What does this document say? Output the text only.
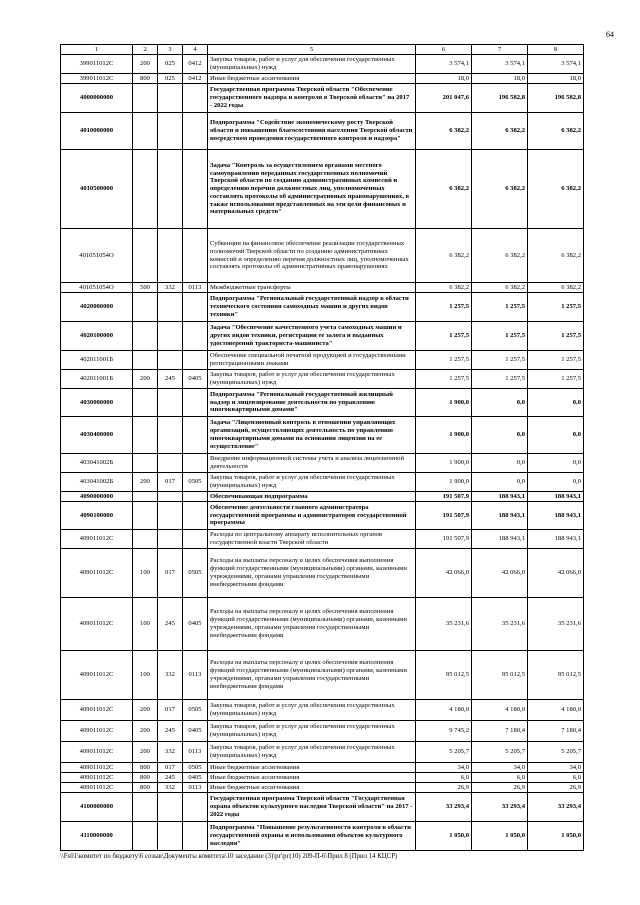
64
1	2	3	4	5	6	7	8
399011012С	200	025	0412	Закупка товаров, работ и услуг для обеспечения государственных (муниципальных) нужд	3 574,1	3 574,1	3 574,1
399011012С	800	025	0412	Иные бюджетные ассигнования	18,0	18,0	18,0
4000000000				Государственная программа Тверской области "Обеспечение государственного надзора и контроля в Тверской области" на 2017 - 2022 годы	201 047,6	196 582,8	196 582,8
4010000000				Подпрограмма "Содействие экономическому росту Тверской области и повышению благосостояния населения Тверской области посредством проведения государственного контроля и надзора"	6 382,2	6 382,2	6 382,2
4010500000				Задача "Контроль за осуществлением органами местного самоуправления переданных государственных полномочий Тверской области по созданию административных комиссий и определению перечня должностных лиц, уполномоченных составлять протоколы об административных правонарушениях, в также использования представленных на эти цели финансовых и материальных средств"	6 382,2	6 382,2	6 382,2
401051054О				Субвенции на финансовое обеспечение реализации государственных полномочий Тверской области по созданию административных комиссий и определению перечня должностных лиц, уполномоченных составлять протоколы об административных правонарушениях	6 382,2	6 382,2	6 382,2
401051054О	500	332	0113	Межбюджетные трансферты	6 382,2	6 382,2	6 382,2
4020000000				Подпрограмма "Региональный государственный надзор в области технического состояния самоходных машин и других видов техники"	1 257,5	1 257,5	1 257,5
4020100000				Задача "Обеспечение качественного учета самоходных машин и других видов техники, регистрации ее залога и выданных удостоверений тракториста-машиниста"	1 257,5	1 257,5	1 257,5
402011001Б				Обеспечение специальной печатной продукцией и государственными регистрационными знаками	1 257,5	1 257,5	1 257,5
402011001Б	200	245	0405	Закупка товаров, работ и услуг для обеспечения государственных (муниципальных) нужд	1 257,5	1 257,5	1 257,5
4030000000				Подпрограмма "Региональный государственный жилищный надзор и лицензирование деятельности по управлению многоквартирными домами"	1 900,0	0,0	0,0
4030400000				Задача "Лицензионный контроль в отношении управляющих организаций, осуществляющих деятельность по управлению многоквартирными домами на основании лицензии на ее осуществление"	1 900,0	0,0	0,0
403041002Б				Внедрение информационной системы учета и анализа лицензионной деятельности	1 900,0	0,0	0,0
403041002Б	200	017	0505	Закупка товаров, работ и услуг для обеспечения государственных (муниципальных) нужд	1 900,0	0,0	0,0
4090000000				Обеспечивающая подпрограмма	191 507,9	188 943,1	188 943,1
4090100000				Обеспечение деятельности главного администратора государственной программы и администраторов государственной программы	191 507,9	188 943,1	188 943,1
409011012С				Расходы по центральному аппарату исполнительных органов государственной власти Тверской области	191 507,9	188 943,1	188 943,1
409011012С	100	017	0505	Расходы на выплаты персоналу в целях обеспечения выполнения функций государственными (муниципальными) органами, казенными учреждениями, органами управления государственными внебюджетными фондами	42 066,0	42 066,0	42 066,0
409011012С	100	245	0405	Расходы на выплаты персоналу в целях обеспечения выполнения функций государственными (муниципальными) органами, казенными учреждениями, органами управления государственными внебюджетными фондами	35 231,6	35 231,6	35 231,6
409011012С	100	332	0113	Расходы на выплаты персоналу в целях обеспечения выполнения функций государственными (муниципальными) органами, казенными учреждениями, органами управления государственными внебюджетными фондами	95 012,5	95 012,5	95 012,5
409011012С	200	017	0505	Закупка товаров, работ и услуг для обеспечения государственных (муниципальных) нужд	4 180,0	4 180,0	4 180,0
409011012С	200	245	0405	Закупка товаров, работ и услуг для обеспечения государственных (муниципальных) нужд	9 745,2	7 180,4	7 180,4
409011012С	200	332	0113	Закупка товаров, работ и услуг для обеспечения государственных (муниципальных) нужд	5 205,7	5 205,7	5 205,7
409011012С	800	017	0505	Иные бюджетные ассигнования	34,0	34,0	34,0
409011012С	800	245	0405	Иные бюджетные ассигнования	6,0	6,0	6,0
409011012С	800	332	0113	Иные бюджетные ассигнования	26,9	26,9	26,9
4100000000				Государственная программа Тверской области "Государственная охрана объектов культурного наследия Тверской области" на 2017 - 2022 годы	33 293,4	33 293,4	33 293,4
4110000000				Подпрограмма "Повышение результативности контроля в области государственной охраны и использования объектов культурного наследия"	1 050,0	1 050,0	1 050,0
\\Fs01\комитет по бюджету\6 созыв\Документы комитета\10 заседание (3)\рг\рг(10) 209-П-6\Прил 8 (Прил 14 КЦСР)
